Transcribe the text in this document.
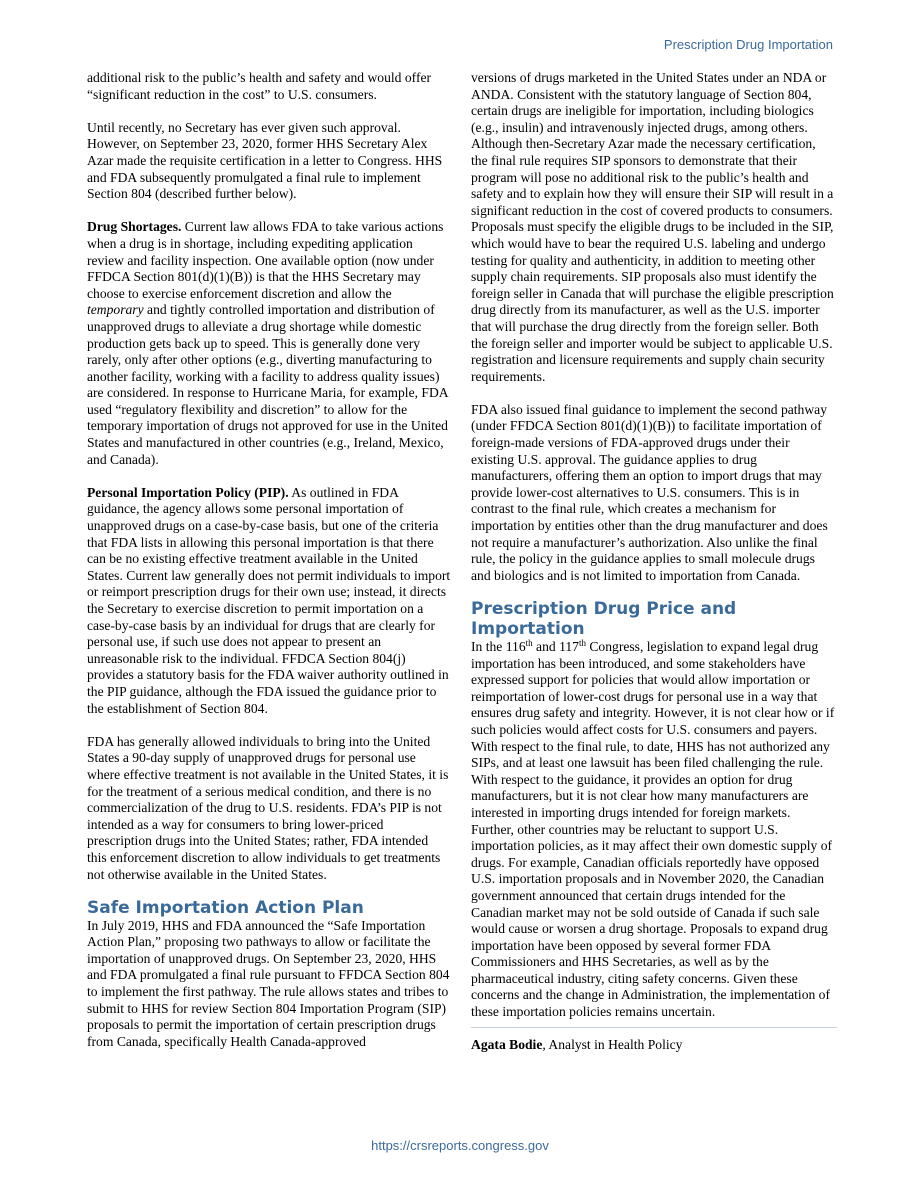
Prescription Drug Importation

additional risk to the public’s health and safety and would offer “significant reduction in the cost” to U.S. consumers.

Until recently, no Secretary has ever given such approval. However, on September 23, 2020, former HHS Secretary Alex Azar made the requisite certification in a letter to Congress. HHS and FDA subsequently promulgated a final rule to implement Section 804 (described further below).

Drug Shortages. Current law allows FDA to take various actions when a drug is in shortage, including expediting application review and facility inspection. One available option (now under FFDCA Section 801(d)(1)(B)) is that the HHS Secretary may choose to exercise enforcement discretion and allow the temporary and tightly controlled importation and distribution of unapproved drugs to alleviate a drug shortage while domestic production gets back up to speed. This is generally done very rarely, only after other options (e.g., diverting manufacturing to another facility, working with a facility to address quality issues) are considered. In response to Hurricane Maria, for example, FDA used “regulatory flexibility and discretion” to allow for the temporary importation of drugs not approved for use in the United States and manufactured in other countries (e.g., Ireland, Mexico, and Canada).

Personal Importation Policy (PIP). As outlined in FDA guidance, the agency allows some personal importation of unapproved drugs on a case-by-case basis, but one of the criteria that FDA lists in allowing this personal importation is that there can be no existing effective treatment available in the United States. Current law generally does not permit individuals to import or reimport prescription drugs for their own use; instead, it directs the Secretary to exercise discretion to permit importation on a case-by-case basis by an individual for drugs that are clearly for personal use, if such use does not appear to present an unreasonable risk to the individual. FFDCA Section 804(j) provides a statutory basis for the FDA waiver authority outlined in the PIP guidance, although the FDA issued the guidance prior to the establishment of Section 804.

FDA has generally allowed individuals to bring into the United States a 90-day supply of unapproved drugs for personal use where effective treatment is not available in the United States, it is for the treatment of a serious medical condition, and there is no commercialization of the drug to U.S. residents. FDA’s PIP is not intended as a way for consumers to bring lower-priced prescription drugs into the United States; rather, FDA intended this enforcement discretion to allow individuals to get treatments not otherwise available in the United States.

Safe Importation Action Plan

In July 2019, HHS and FDA announced the “Safe Importation Action Plan,” proposing two pathways to allow or facilitate the importation of unapproved drugs. On September 23, 2020, HHS and FDA promulgated a final rule pursuant to FFDCA Section 804 to implement the first pathway. The rule allows states and tribes to submit to HHS for review Section 804 Importation Program (SIP) proposals to permit the importation of certain prescription drugs from Canada, specifically Health Canada-approved

versions of drugs marketed in the United States under an NDA or ANDA. Consistent with the statutory language of Section 804, certain drugs are ineligible for importation, including biologics (e.g., insulin) and intravenously injected drugs, among others. Although then-Secretary Azar made the necessary certification, the final rule requires SIP sponsors to demonstrate that their program will pose no additional risk to the public’s health and safety and to explain how they will ensure their SIP will result in a significant reduction in the cost of covered products to consumers. Proposals must specify the eligible drugs to be included in the SIP, which would have to bear the required U.S. labeling and undergo testing for quality and authenticity, in addition to meeting other supply chain requirements. SIP proposals also must identify the foreign seller in Canada that will purchase the eligible prescription drug directly from its manufacturer, as well as the U.S. importer that will purchase the drug directly from the foreign seller. Both the foreign seller and importer would be subject to applicable U.S. registration and licensure requirements and supply chain security requirements.

FDA also issued final guidance to implement the second pathway (under FFDCA Section 801(d)(1)(B)) to facilitate importation of foreign-made versions of FDA-approved drugs under their existing U.S. approval. The guidance applies to drug manufacturers, offering them an option to import drugs that may provide lower-cost alternatives to U.S. consumers. This is in contrast to the final rule, which creates a mechanism for importation by entities other than the drug manufacturer and does not require a manufacturer’s authorization. Also unlike the final rule, the policy in the guidance applies to small molecule drugs and biologics and is not limited to importation from Canada.

Prescription Drug Price and Importation

In the 116th and 117th Congress, legislation to expand legal drug importation has been introduced, and some stakeholders have expressed support for policies that would allow importation or reimportation of lower-cost drugs for personal use in a way that ensures drug safety and integrity. However, it is not clear how or if such policies would affect costs for U.S. consumers and payers. With respect to the final rule, to date, HHS has not authorized any SIPs, and at least one lawsuit has been filed challenging the rule. With respect to the guidance, it provides an option for drug manufacturers, but it is not clear how many manufacturers are interested in importing drugs intended for foreign markets. Further, other countries may be reluctant to support U.S. importation policies, as it may affect their own domestic supply of drugs. For example, Canadian officials reportedly have opposed U.S. importation proposals and in November 2020, the Canadian government announced that certain drugs intended for the Canadian market may not be sold outside of Canada if such sale would cause or worsen a drug shortage. Proposals to expand drug importation have been opposed by several former FDA Commissioners and HHS Secretaries, as well as by the pharmaceutical industry, citing safety concerns. Given these concerns and the change in Administration, the implementation of these importation policies remains uncertain.

Agata Bodie, Analyst in Health Policy
https://crsreports.congress.gov
